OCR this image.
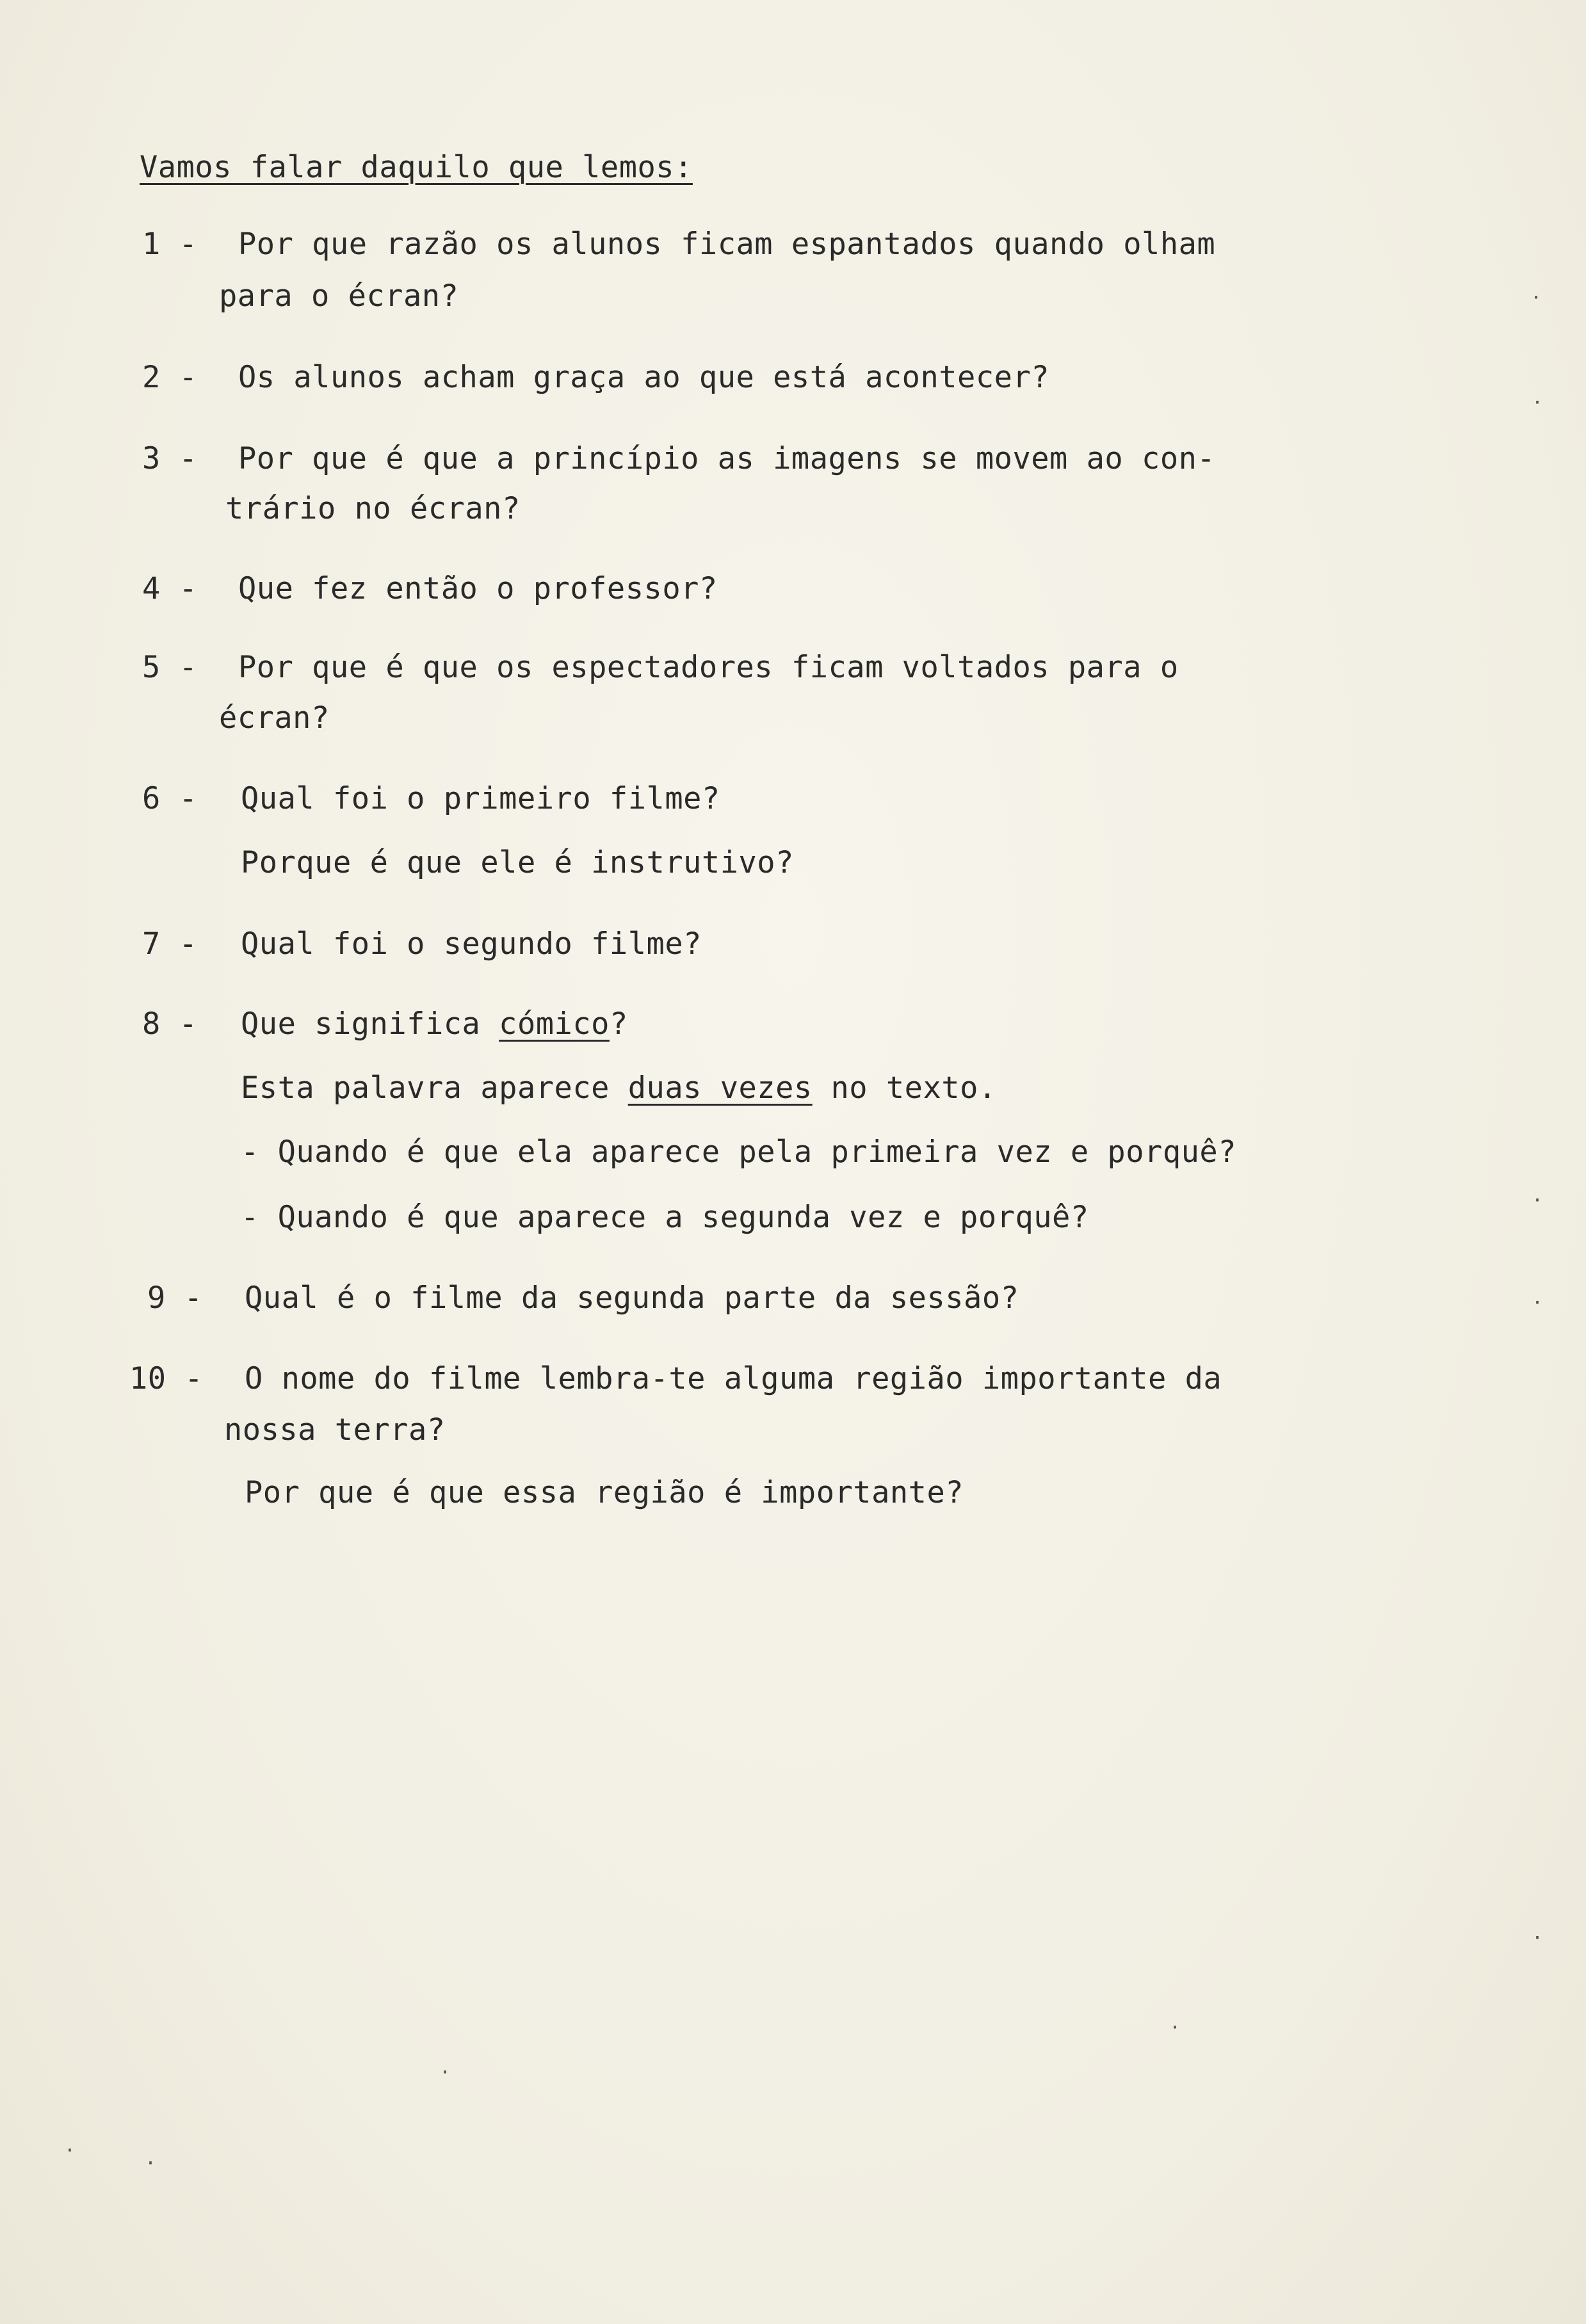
Vamos falar daquilo que lemos:
1 - Por que razão os alunos ficam espantados quando olham
para o écran?
2 - Os alunos acham graça ao que está acontecer?
3 - Por que é que a princípio as imagens se movem ao con-
trário no écran?
4 - Que fez então o professor?
5 - Por que é que os espectadores ficam voltados para o
écran?
6 - Qual foi o primeiro filme?
Porque é que ele é instrutivo?
7 - Qual foi o segundo filme?
8 - Que significa cómico?
Esta palavra aparece duas vezes no texto.
- Quando é que ela aparece pela primeira vez e porquê?
- Quando é que aparece a segunda vez e porquê?
9 - Qual é o filme da segunda parte da sessão?
10 - O nome do filme lembra-te alguma região importante da
nossa terra?
Por que é que essa região é importante?
·
·
·
·
·
·
·
·
·
